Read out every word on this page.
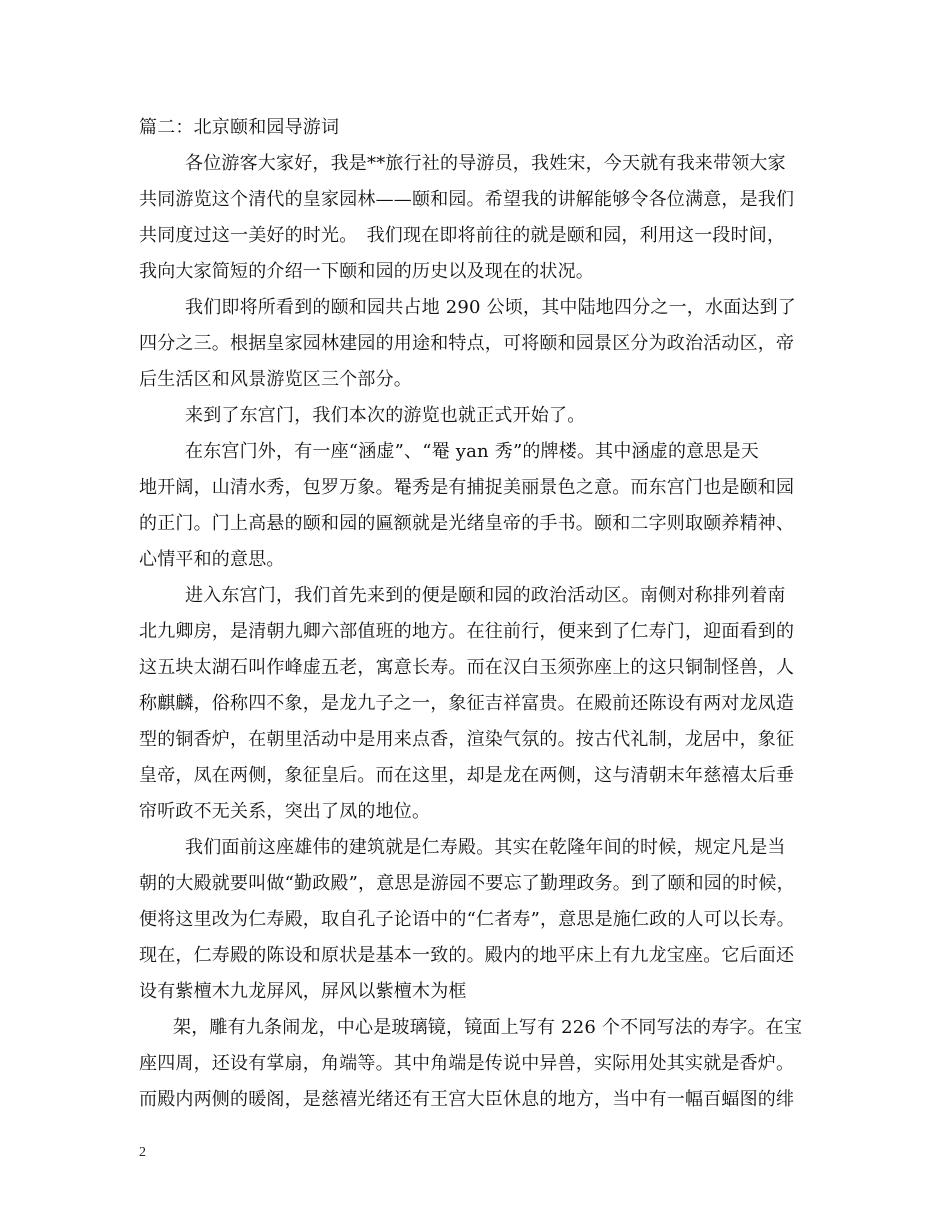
篇二：北京颐和园导游词
各位游客大家好，我是**旅行社的导游员，我姓宋，今天就有我来带领大家
共同游览这个清代的皇家园林——颐和园。希望我的讲解能够令各位满意，是我们
共同度过这一美好的时光。　我们现在即将前往的就是颐和园，利用这一段时间，
我向大家简短的介绍一下颐和园的历史以及现在的状况。
我们即将所看到的颐和园共占地 290 公顷，其中陆地四分之一，水面达到了
四分之三。根据皇家园林建园的用途和特点，可将颐和园景区分为政治活动区，帝
后生活区和风景游览区三个部分。
来到了东宫门，我们本次的游览也就正式开始了。
在东宫门外，有一座“涵虚”、“罨 yan 秀”的牌楼。其中涵虚的意思是天
地开阔，山清水秀，包罗万象。罨秀是有捕捉美丽景色之意。而东宫门也是颐和园
的正门。门上高悬的颐和园的匾额就是光绪皇帝的手书。颐和二字则取颐养精神、
心情平和的意思。
进入东宫门，我们首先来到的便是颐和园的政治活动区。南侧对称排列着南
北九卿房，是清朝九卿六部值班的地方。在往前行，便来到了仁寿门，迎面看到的
这五块太湖石叫作峰虚五老，寓意长寿。而在汉白玉须弥座上的这只铜制怪兽，人
称麒麟，俗称四不象，是龙九子之一，象征吉祥富贵。在殿前还陈设有两对龙凤造
型的铜香炉，在朝里活动中是用来点香，渲染气氛的。按古代礼制，龙居中，象征
皇帝，凤在两侧，象征皇后。而在这里，却是龙在两侧，这与清朝末年慈禧太后垂
帘听政不无关系，突出了凤的地位。
我们面前这座雄伟的建筑就是仁寿殿。其实在乾隆年间的时候，规定凡是当
朝的大殿就要叫做“勤政殿”，意思是游园不要忘了勤理政务。到了颐和园的时候，
便将这里改为仁寿殿，取自孔子论语中的“仁者寿”，意思是施仁政的人可以长寿。
现在，仁寿殿的陈设和原状是基本一致的。殿内的地平床上有九龙宝座。它后面还
设有紫檀木九龙屏风，屏风以紫檀木为框
架，雕有九条闹龙，中心是玻璃镜，镜面上写有 226 个不同写法的寿字。在宝
座四周，还设有掌扇，角端等。其中角端是传说中异兽，实际用处其实就是香炉。
而殿内两侧的暖阁，是慈禧光绪还有王宫大臣休息的地方，当中有一幅百蝠图的绯
2
